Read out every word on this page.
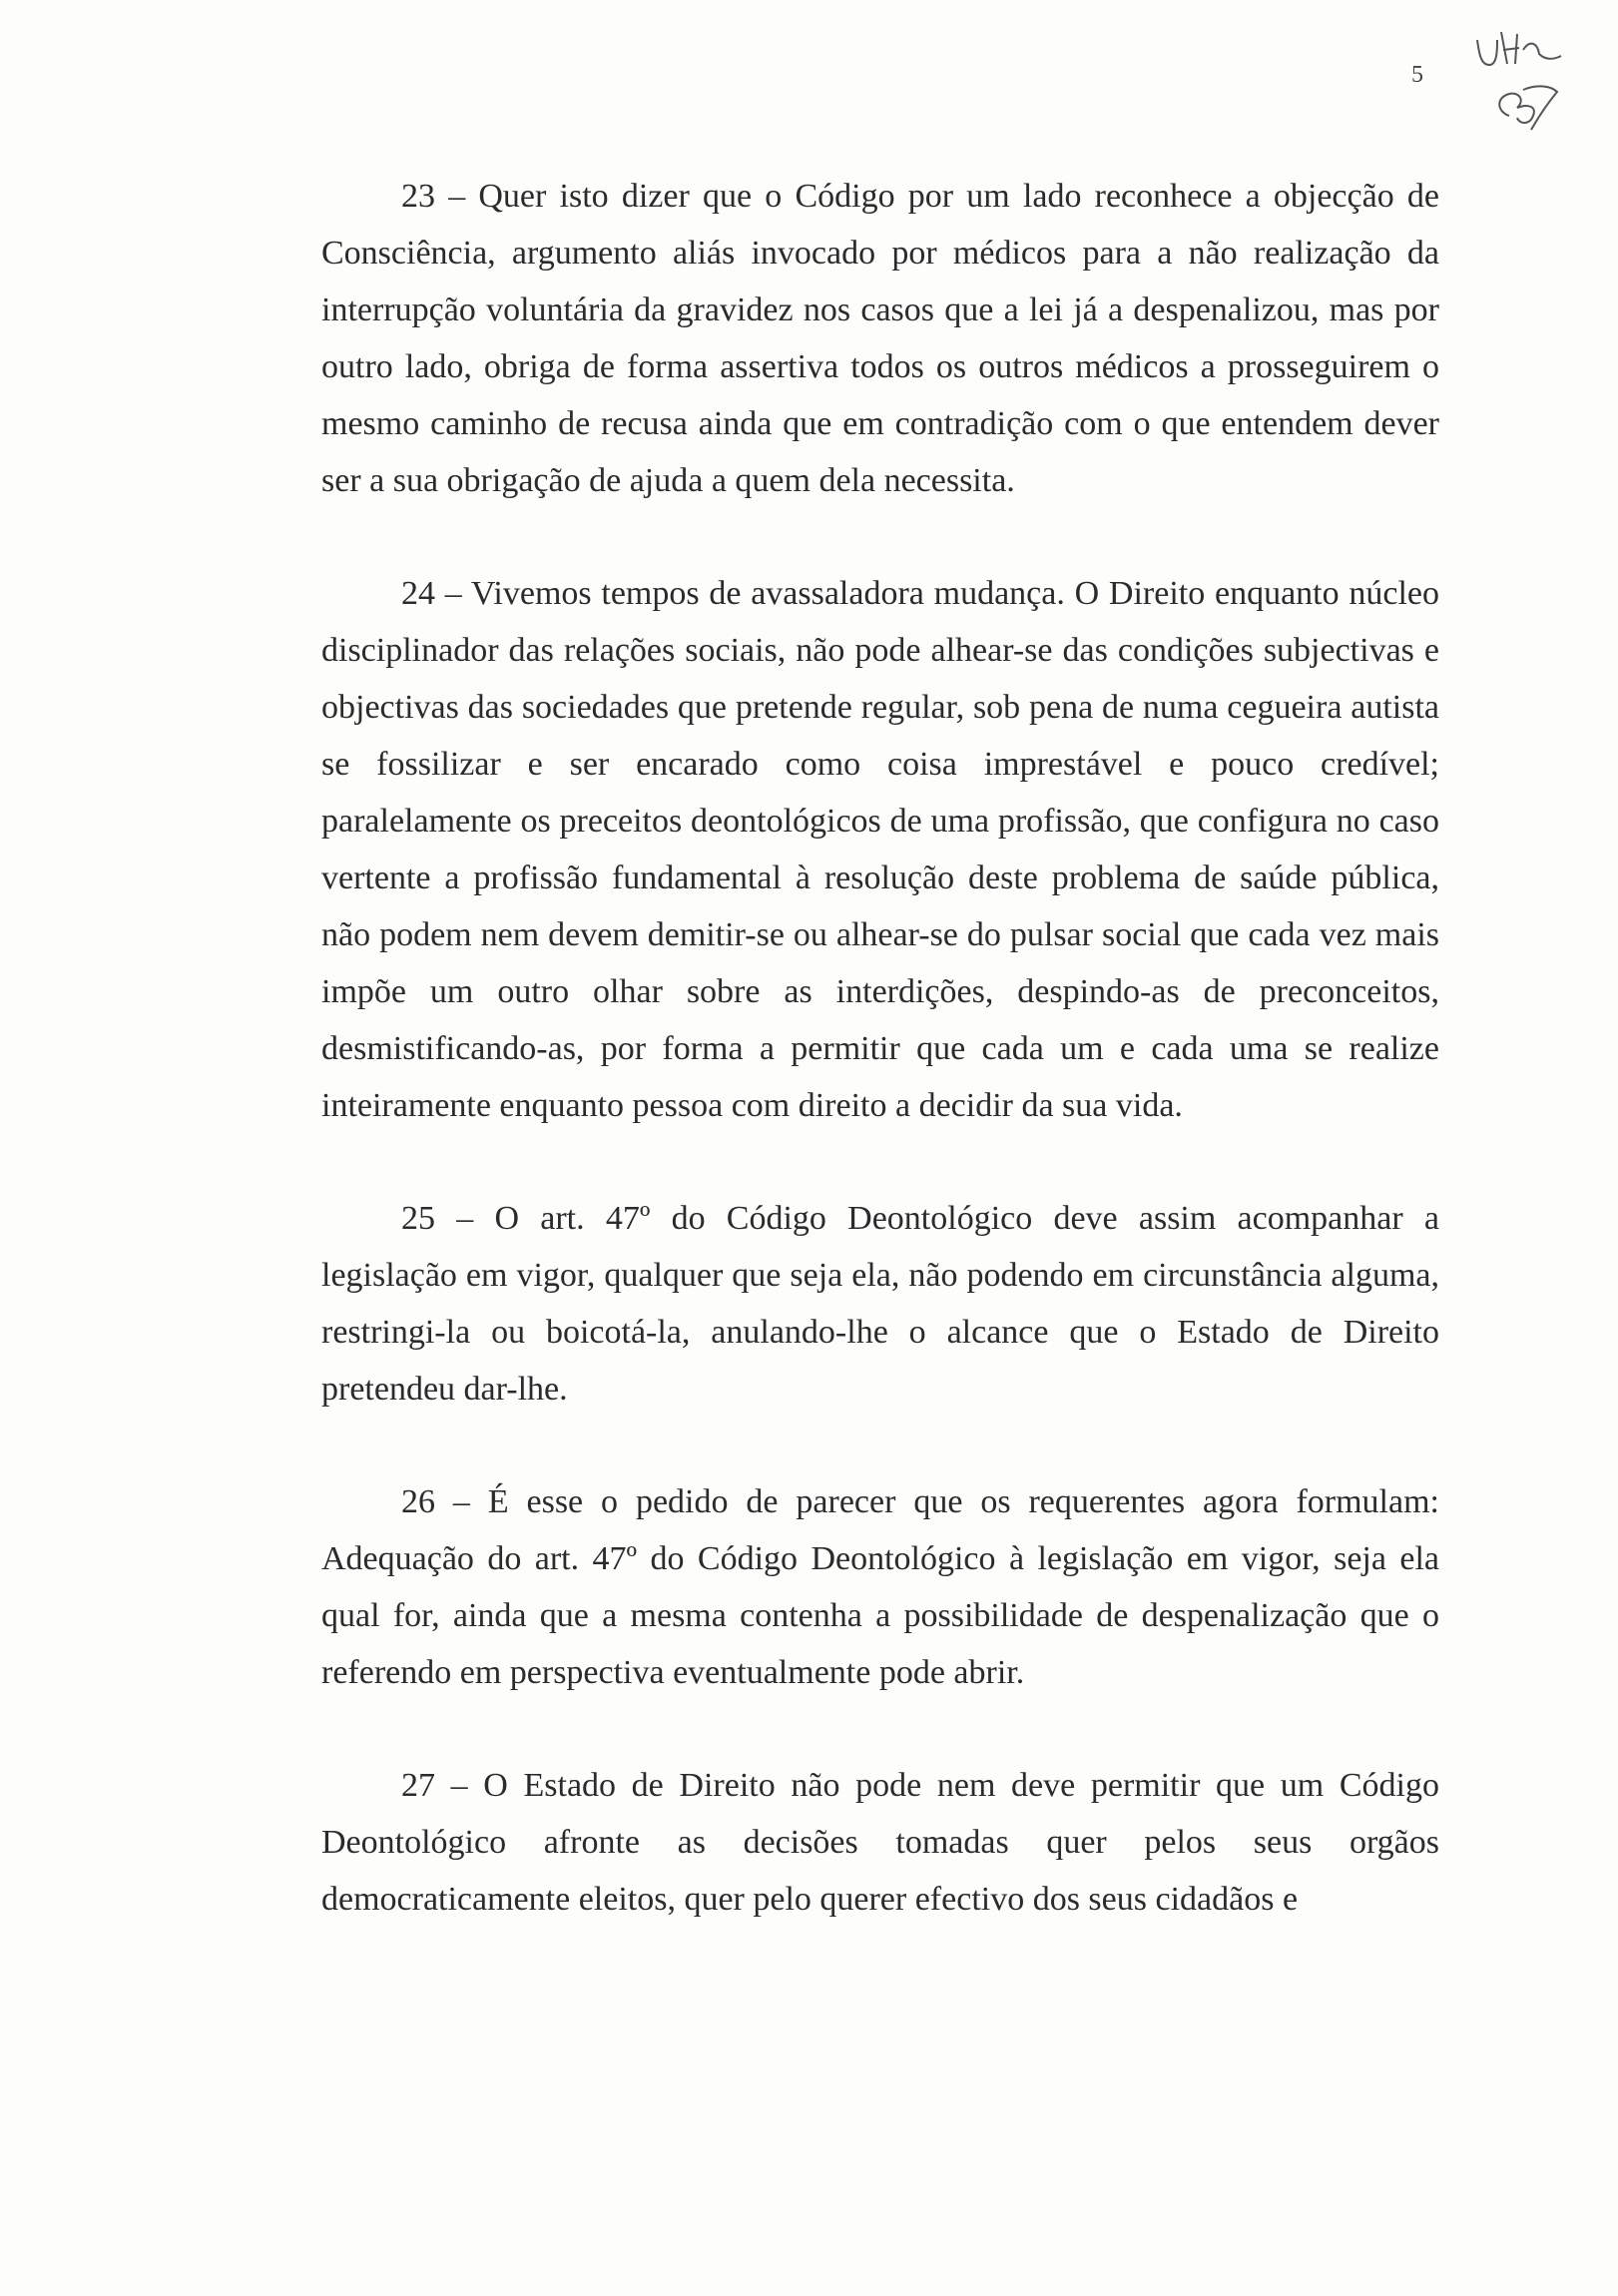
5

23 – Quer isto dizer que o Código por um lado reconhece a objecção de Consciência, argumento aliás invocado por médicos para a não realização da interrupção voluntária da gravidez nos casos que a lei já a despenalizou, mas por outro lado, obriga de forma assertiva todos os outros médicos a prosseguirem o mesmo caminho de recusa ainda que em contradição com o que entendem dever ser a sua obrigação de ajuda a quem dela necessita.

24 – Vivemos tempos de avassaladora mudança. O Direito enquanto núcleo disciplinador das relações sociais, não pode alhear-se das condições subjectivas e objectivas das sociedades que pretende regular, sob pena de numa cegueira autista se fossilizar e ser encarado como coisa imprestável e pouco credível; paralelamente os preceitos deontológicos de uma profissão, que configura no caso vertente a profissão fundamental à resolução deste problema de saúde pública, não podem nem devem demitir-se ou alhear-se do pulsar social que cada vez mais impõe um outro olhar sobre as interdições, despindo-as de preconceitos, desmistificando-as, por forma a permitir que cada um e cada uma se realize inteiramente enquanto pessoa com direito a decidir da sua vida.

25 – O art. 47º do Código Deontológico deve assim acompanhar a legislação em vigor, qualquer que seja ela, não podendo em circunstância alguma, restringi-la ou boicotá-la, anulando-lhe o alcance que o Estado de Direito pretendeu dar-lhe.

26 – É esse o pedido de parecer que os requerentes agora formulam: Adequação do art. 47º do Código Deontológico à legislação em vigor, seja ela qual for, ainda que a mesma contenha a possibilidade de despenalização que o referendo em perspectiva eventualmente pode abrir.

27 – O Estado de Direito não pode nem deve permitir que um Código Deontológico afronte as decisões tomadas quer pelos seus orgãos democraticamente eleitos, quer pelo querer efectivo dos seus cidadãos e
